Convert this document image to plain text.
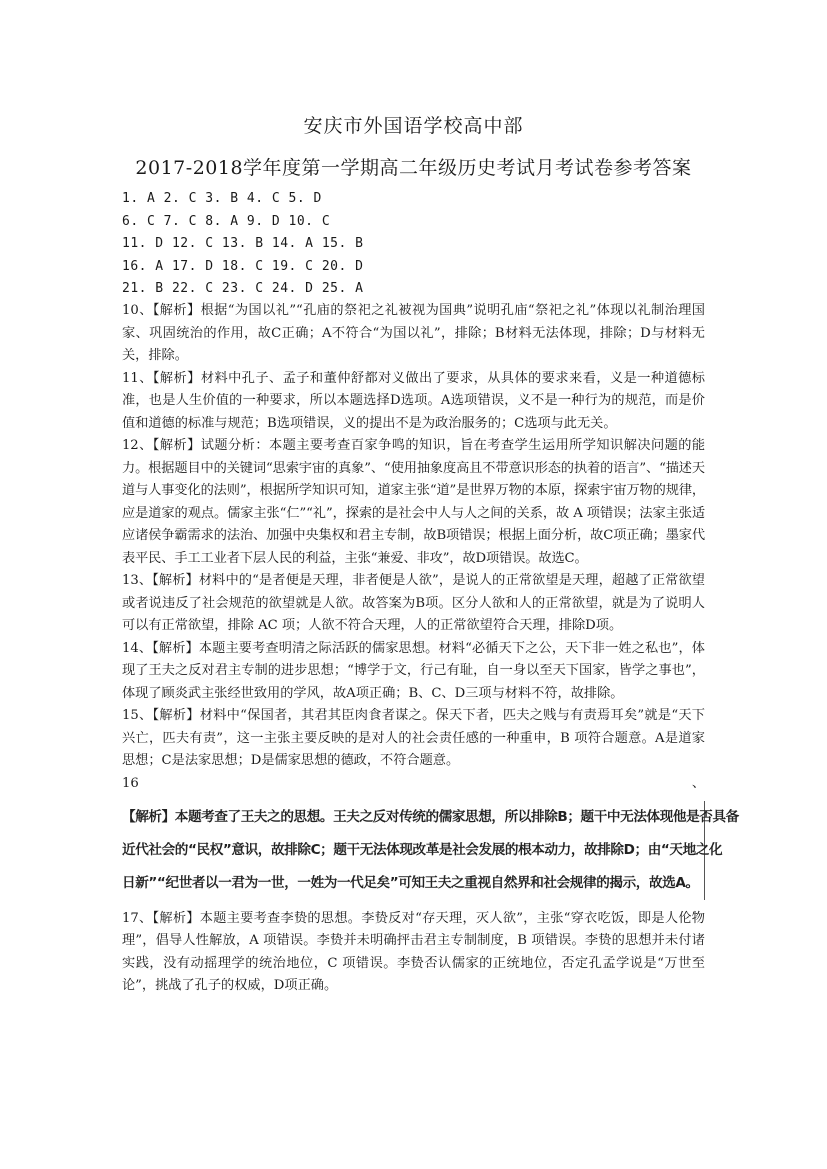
安庆市外国语学校高中部
2017-2018学年度第一学期高二年级历史考试月考试卷参考答案
1. A 2. C 3. B 4. C 5. D
6. C 7. C 8. A 9. D 10. C
11. D 12. C 13. B 14. A 15. B
16. A 17. D 18. C 19. C 20. D
21. B 22. C 23. C 24. D 25. A

10、【解析】根据“为国以礼”“孔庙的祭祀之礼被视为国典”说明孔庙“祭祀之礼”体现以礼制治理国家、巩固统治的作用，故C正确；A不符合“为国以礼”，排除；B材料无法体现，排除；D与材料无关，排除。

11、【解析】材料中孔子、孟子和董仲舒都对义做出了要求，从具体的要求来看，义是一种道德标准，也是人生价值的一种要求，所以本题选择D选项。A选项错误，义不是一种行为的规范，而是价值和道德的标准与规范；B选项错误，义的提出不是为政治服务的；C选项与此无关。

12、【解析】试题分析：本题主要考查百家争鸣的知识，旨在考查学生运用所学知识解决问题的能力。根据题目中的关键词“思索宇宙的真象”、“使用抽象度高且不带意识形态的执着的语言”、“描述天道与人事变化的法则”，根据所学知识可知，道家主张“道”是世界万物的本原，探索宇宙万物的规律，应是道家的观点。儒家主张“仁”“礼”，探索的是社会中人与人之间的关系，故 A 项错误；法家主张适应诸侯争霸需求的法治、加强中央集权和君主专制，故B项错误；根据上面分析，故C项正确；墨家代表平民、手工工业者下层人民的利益，主张“兼爱、非攻”，故D项错误。故选C。

13、【解析】材料中的“是者便是天理，非者便是人欲”，是说人的正常欲望是天理，超越了正常欲望或者说违反了社会规范的欲望就是人欲。故答案为B项。区分人欲和人的正常欲望，就是为了说明人可以有正常欲望，排除 AC 项；人欲不符合天理，人的正常欲望符合天理，排除D项。

14、【解析】本题主要考查明清之际活跃的儒家思想。材料“必循天下之公，天下非一姓之私也”，体现了王夫之反对君主专制的进步思想；“博学于文，行己有耻，自一身以至天下国家，皆学之事也”，体现了顾炎武主张经世致用的学风，故A项正确；B、C、D三项与材料不符，故排除。

15、【解析】材料中“保国者，其君其臣肉食者谋之。保天下者，匹夫之贱与有责焉耳矣”就是“天下兴亡，匹夫有责”，这一主张主要反映的是对人的社会责任感的一种重申，B 项符合题意。A是道家思想；C是法家思想；D是儒家思想的德政，不符合题意。

16	、
【解析】本题考查了王夫之的思想。王夫之反对传统的儒家思想，所以排除B；题干中无法体现他是否具备
近代社会的“民权”意识，故排除C；题干无法体现改革是社会发展的根本动力，故排除D；由“天地之化
日新”“纪世者以一君为一世，一姓为一代足矣”可知王夫之重视自然界和社会规律的揭示，故选A。

17、【解析】本题主要考查李贽的思想。李贽反对“存天理，灭人欲”，主张“穿衣吃饭，即是人伦物理”，倡导人性解放，A 项错误。李贽并未明确抨击君主专制制度，B 项错误。李贽的思想并未付诸实践，没有动摇理学的统治地位，C 项错误。李贽否认儒家的正统地位，否定孔孟学说是“万世至论”，挑战了孔子的权威，D项正确。
